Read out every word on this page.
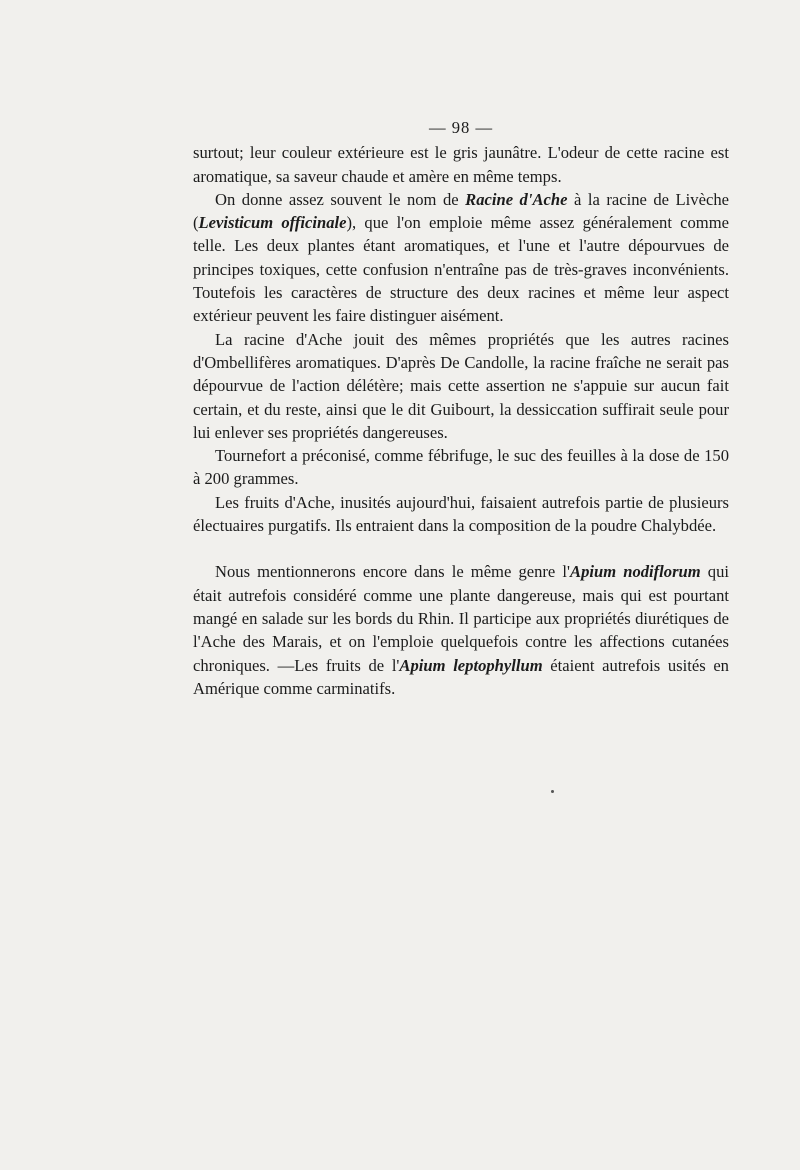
— 98 —

surtout; leur couleur extérieure est le gris jaunâtre. L'odeur de cette racine est aromatique, sa saveur chaude et amère en même temps.

On donne assez souvent le nom de Racine d'Ache à la racine de Livèche (Levisticum officinale), que l'on emploie même assez généralement comme telle. Les deux plantes étant aromatiques, et l'une et l'autre dépourvues de principes toxiques, cette confusion n'entraîne pas de très-graves inconvénients. Toutefois les caractères de structure des deux racines et même leur aspect extérieur peuvent les faire distinguer aisément.

La racine d'Ache jouit des mêmes propriétés que les autres racines d'Ombellifères aromatiques. D'après De Candolle, la racine fraîche ne serait pas dépourvue de l'action délétère; mais cette assertion ne s'appuie sur aucun fait certain, et du reste, ainsi que le dit Guibourt, la dessiccation suffirait seule pour lui enlever ses propriétés dangereuses.

Tournefort a préconisé, comme fébrifuge, le suc des feuilles à la dose de 150 à 200 grammes.

Les fruits d'Ache, inusités aujourd'hui, faisaient autrefois partie de plusieurs électuaires purgatifs. Ils entraient dans la composition de la poudre Chalybdée.

Nous mentionnerons encore dans le même genre l'Apium nodiflorum qui était autrefois considéré comme une plante dangereuse, mais qui est pourtant mangé en salade sur les bords du Rhin. Il participe aux propriétés diurétiques de l'Ache des Marais, et on l'emploie quelquefois contre les affections cutanées chroniques. —Les fruits de l'Apium leptophyllum étaient autrefois usités en Amérique comme carminatifs.
